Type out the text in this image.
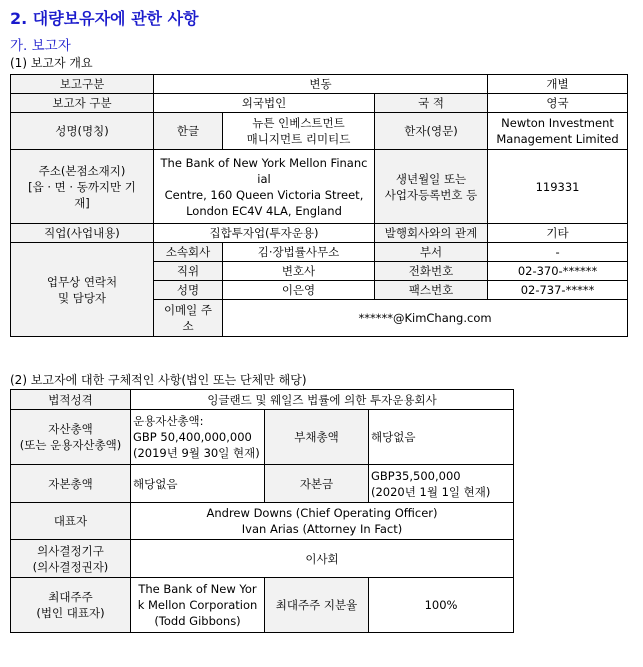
2. 대량보유자에 관한 사항
가. 보고자
(1) 보고자 개요
보고구분	변동			개별
보고자 구분	외국법인		국 적	영국
성명(명칭)	한글	뉴튼 인베스트먼트
매니지먼트 리미티드	한자(영문)	Newton Investment
Management Limited
주소(본점소재지)
[읍 · 면 · 동까지만 기
재]	The Bank of New York Mellon Financ
ial
Centre, 160 Queen Victoria Street,
London EC4V 4LA, England		생년월일 또는
사업자등록번호 등	119331
직업(사업내용)	집합투자업(투자운용)		발행회사와의 관계	기타
업무상 연락처
및 담당자	소속회사	김·장법률사무소	부서	-
	직위	변호사	전화번호	02-370-******
	성명	이은영	팩스번호	02-737-*****
	이메일 주
소	******@KimChang.com		
(2) 보고자에 대한 구체적인 사항(법인 또는 단체만 해당)
법적성격	잉글랜드 및 웨일즈 법률에 의한 투자운용회사		
자산총액
(또는 운용자산총액)	운용자산총액:
GBP 50,400,000,000
(2019년 9월 30일 현재)	부채총액	해당없음
자본총액	해당없음	자본금	GBP35,500,000
(2020년 1월 1일 현재)
대표자	Andrew Downs (Chief Operating Officer)
Ivan Arias (Attorney In Fact)		
의사결정기구
(의사결정권자)	이사회		
최대주주
(법인 대표자)	The Bank of New Yor
k Mellon Corporation
(Todd Gibbons)	최대주주 지분율	100%
